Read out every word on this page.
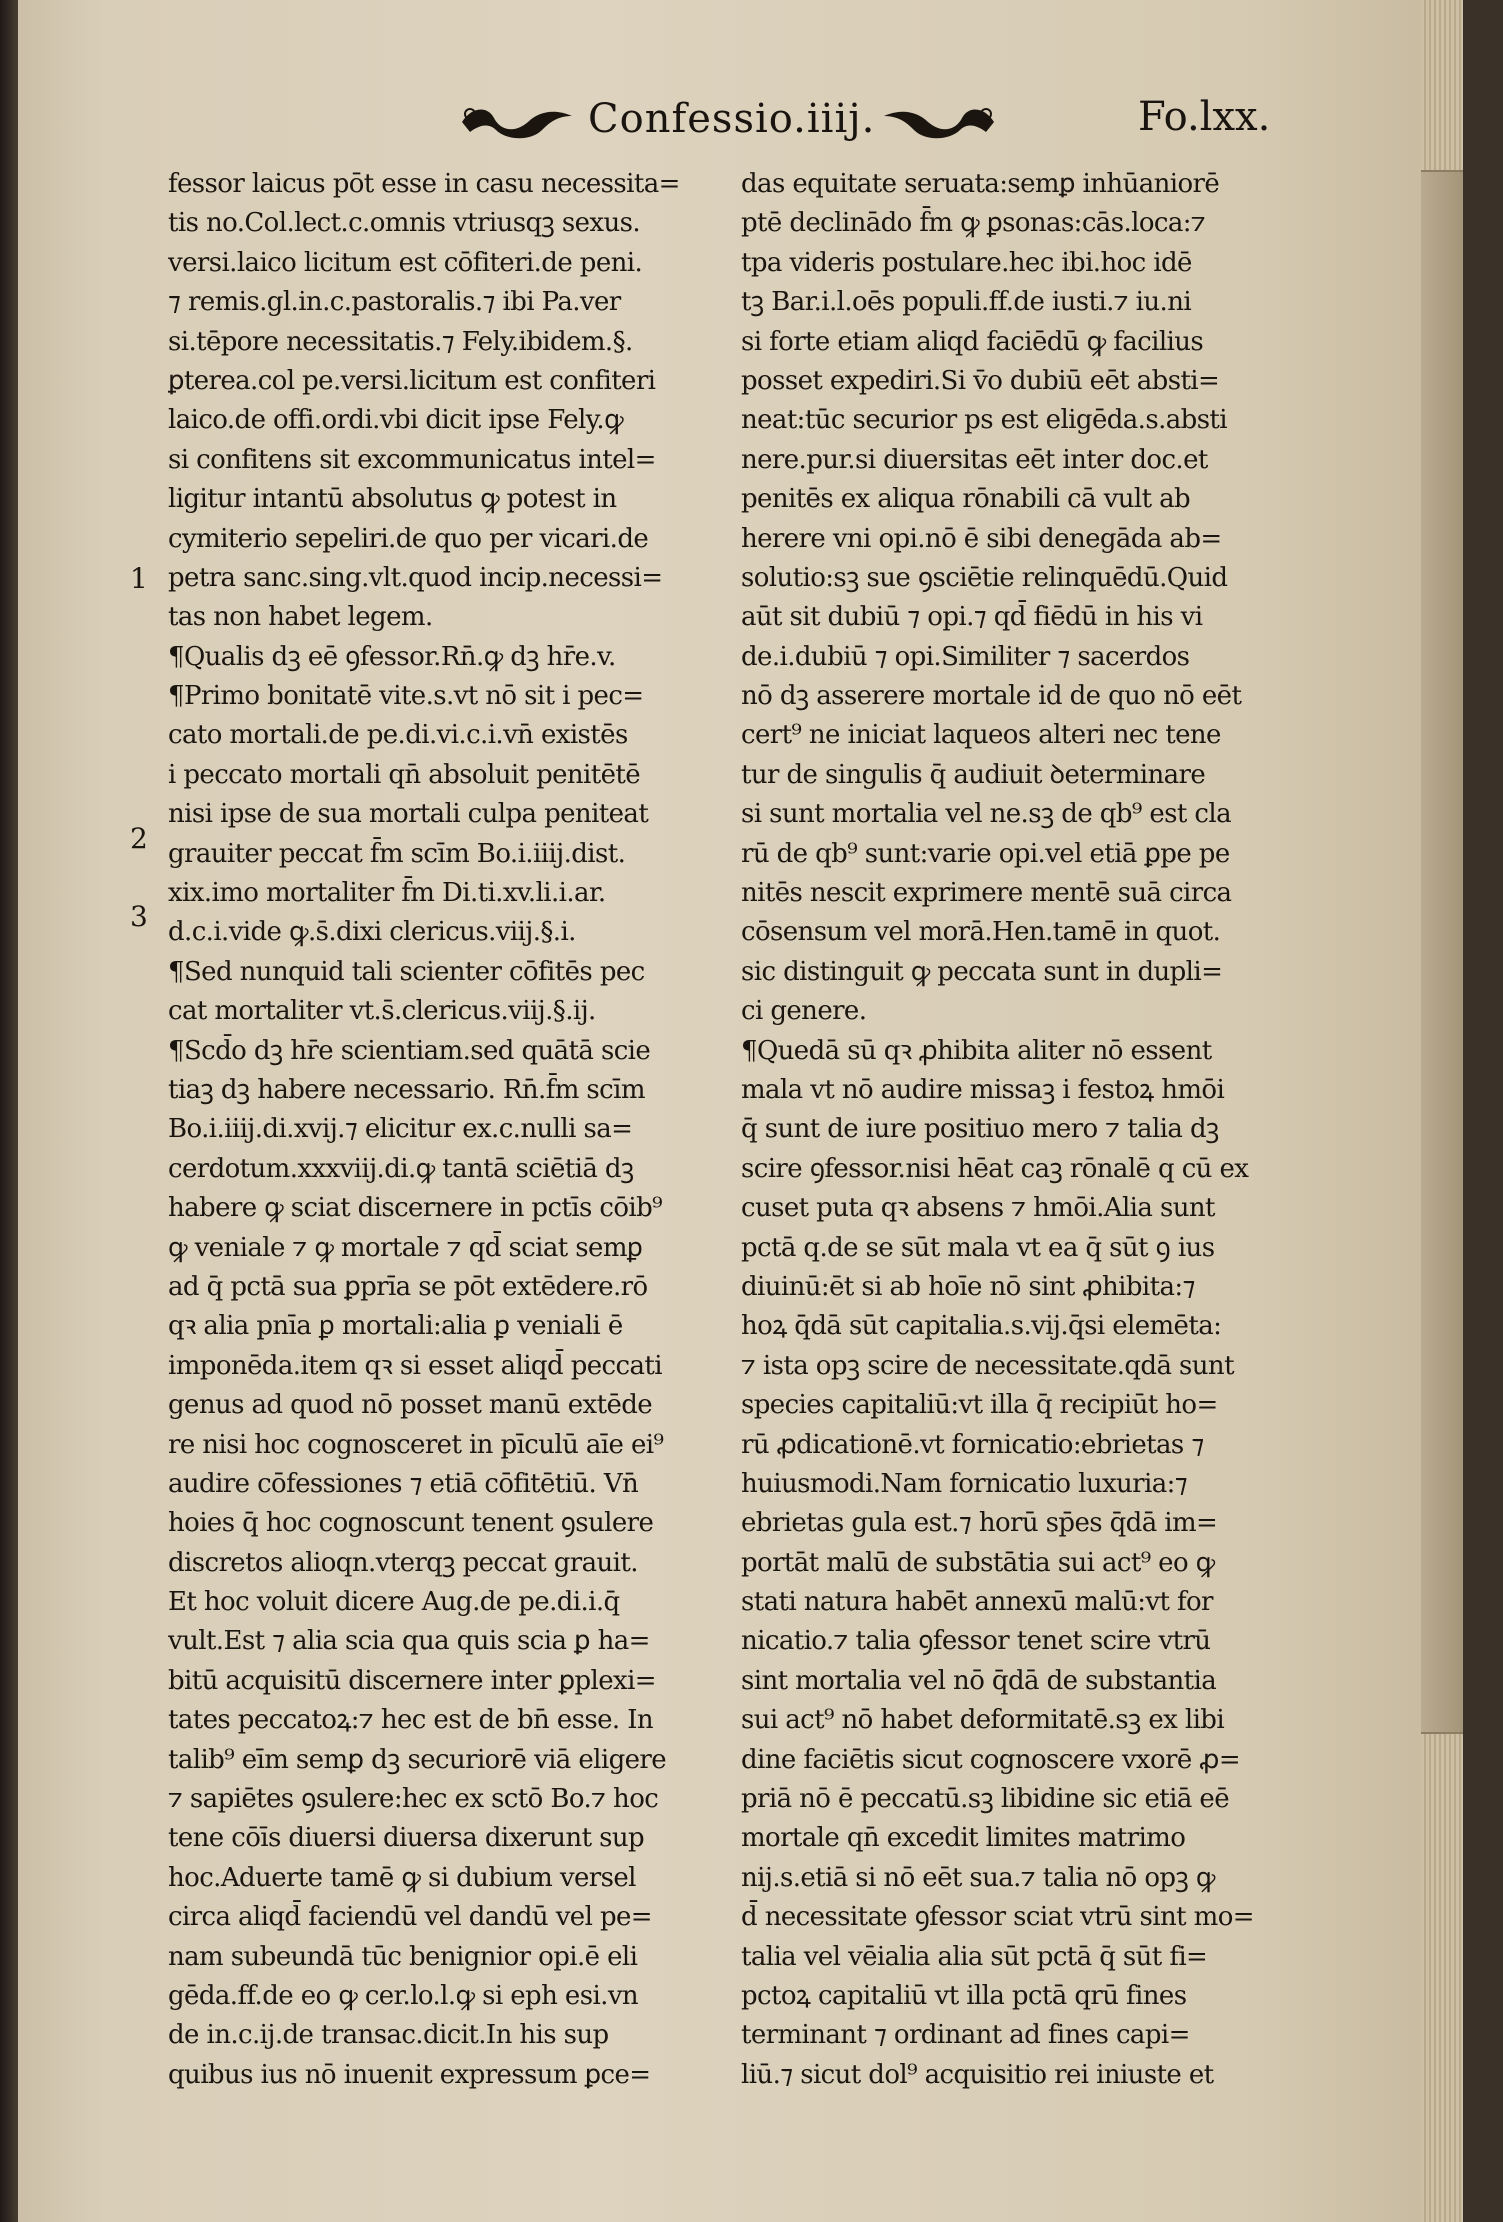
Confessio.iiij.	Fo.lxx.
1
2
3
fessor laicus pōt esse in casu necessita=
tis no.Col.lect.c.omnis vtriusqꝫ sexus.
versi.laico licitum est cōfiteri.de peni.
⁊ remis.gl.in.c.pastoralis.⁊ ibi Pa.ver
si.tēpore necessitatis.⁊ Fely.ibidem.§.
ꝑterea.col pe.versi.licitum est confiteri
laico.de offi.ordi.vbi dicit ipse Fely.ꝙ
si confitens sit excommunicatus intel=
ligitur intantū absolutus ꝙ potest in
cymiterio sepeliri.de quo per vicari.de
petra sanc.sing.vlt.quod incip.necessi=
tas non habet legem.
¶Qualis dꝫ eē ꝯfessor.Rn̄.ꝙ dꝫ hr̄e.v.
¶Primo bonitatē vite.s.vt nō sit i pec=
cato mortali.de pe.di.vi.c.i.vn̄ existēs
i peccato mortali qn̄ absoluit penitētē
nisi ipse de sua mortali culpa peniteat
grauiter peccat f̄m scīm Bo.i.iiij.dist.
xix.imo mortaliter f̄m Di.ti.xv.li.i.ar.
d.c.i.vide ꝙ.s̄.dixi clericus.viij.§.i.
¶Sed nunquid tali scienter cōfitēs pec
cat mortaliter vt.s̄.clericus.viij.§.ij.
¶Scd̄o dꝫ hr̄e scientiam.sed quātā scie
tiaꝫ dꝫ habere necessario. Rn̄.f̄m scīm
Bo.i.iiij.di.xvij.⁊ elicitur ex.c.nulli sa=
cerdotum.xxxviij.di.ꝙ tantā sciētiā dꝫ
habere ꝙ sciat discernere in pctīs cōib⁹
ꝙ veniale ⁊ ꝙ mortale ⁊ qd̄ sciat semꝑ
ad q̄ pctā sua ꝑprīa se pōt extēdere.rō
qꝛ alia pnīa ꝑ mortali:alia ꝑ veniali ē
imponēda.item qꝛ si esset aliqd̄ peccati
genus ad quod nō posset manū extēde
re nisi hoc cognosceret in pīculū aīe ei⁹
audire cōfessiones ⁊ etiā cōfitētiū. Vn̄
hoies q̄ hoc cognoscunt tenent ꝯsulere
discretos alioqn.vterqꝫ peccat grauit.
Et hoc voluit dicere Aug.de pe.di.i.q̄
vult.Est ⁊ alia scia qua quis scia ꝑ ha=
bitū acquisitū discernere inter ꝑplexi=
tates peccatoꝝ:⁊ hec est de bn̄ esse. In
talib⁹ eīm semꝑ dꝫ securiorē viā eligere
⁊ sapiētes ꝯsulere:hec ex sctō Bo.⁊ hoc
tene cōīs diuersi diuersa dixerunt sup
hoc.Aduerte tamē ꝙ si dubium versel
circa aliqd̄ faciendū vel dandū vel pe=
nam subeundā tūc benignior opi.ē eli
gēda.ff.de eo ꝙ cer.lo.l.ꝙ si eph esi.vn
de in.c.ij.de transac.dicit.In his sup
quibus ius nō inuenit expressum ꝑce=
das equitate seruata:semꝑ inhūaniorē
ptē declinādo f̄m ꝙ ꝑsonas:cās.loca:⁊
tpa videris postulare.hec ibi.hoc idē
tꝫ Bar.i.l.oēs populi.ff.de iusti.⁊ iu.ni
si forte etiam aliqd faciēdū ꝙ facilius
posset expediri.Si v̄o dubiū eēt absti=
neat:tūc securior ps est eligēda.s.absti
nere.pur.si diuersitas eēt inter doc.et
penitēs ex aliqua rōnabili cā vult ab
herere vni opi.nō ē sibi denegāda ab=
solutio:sꝫ sue ꝯsciētie relinquēdū.Quid
aūt sit dubiū ⁊ opi.⁊ qd̄ fiēdū in his vi
de.i.dubiū ⁊ opi.Similiter ⁊ sacerdos
nō dꝫ asserere mortale id de quo nō eēt
cert⁹ ne iniciat laqueos alteri nec tene
tur de singulis q̄ audiuit ꝺeterminare
si sunt mortalia vel ne.sꝫ de qb⁹ est cla
rū de qb⁹ sunt:varie opi.vel etiā ꝑpe pe
nitēs nescit exprimere mentē suā circa
cōsensum vel morā.Hen.tamē in quot.
sic distinguit ꝙ peccata sunt in dupli=
ci genere.
¶Quedā sū qꝛ ꝓhibita aliter nō essent
mala vt nō audire missaꝫ i festoꝝ hmōi
q̄ sunt de iure positiuo mero ⁊ talia dꝫ
scire ꝯfessor.nisi hēat caꝫ rōnalē q cū ex
cuset puta qꝛ absens ⁊ hmōi.Alia sunt
pctā q.de se sūt mala vt ea q̄ sūt ꝯ ius
diuinū:ēt si ab hoīe nō sint ꝓhibita:⁊
hoꝝ q̄dā sūt capitalia.s.vij.q̄si elemēta:
⁊ ista opꝫ scire de necessitate.qdā sunt
species capitaliū:vt illa q̄ recipiūt ho=
rū ꝓdicationē.vt fornicatio:ebrietas ⁊
huiusmodi.Nam fornicatio luxuria:⁊
ebrietas gula est.⁊ horū sp̄es q̄dā im=
portāt malū de substātia sui act⁹ eo ꝙ
stati natura habēt annexū malū:vt for
nicatio.⁊ talia ꝯfessor tenet scire vtrū
sint mortalia vel nō q̄dā de substantia
sui act⁹ nō habet deformitatē.sꝫ ex libi
dine faciētis sicut cognoscere vxorē ꝓ=
priā nō ē peccatū.sꝫ libidine sic etiā eē
mortale qn̄ excedit limites matrimo
nij.s.etiā si nō eēt sua.⁊ talia nō opꝫ ꝙ
d̄ necessitate ꝯfessor sciat vtrū sint mo=
talia vel vēialia alia sūt pctā q̄ sūt fi=
pctoꝝ capitaliū vt illa pctā qrū fines
terminant ⁊ ordinant ad fines capi=
liū.⁊ sicut dol⁹ acquisitio rei iniuste et
